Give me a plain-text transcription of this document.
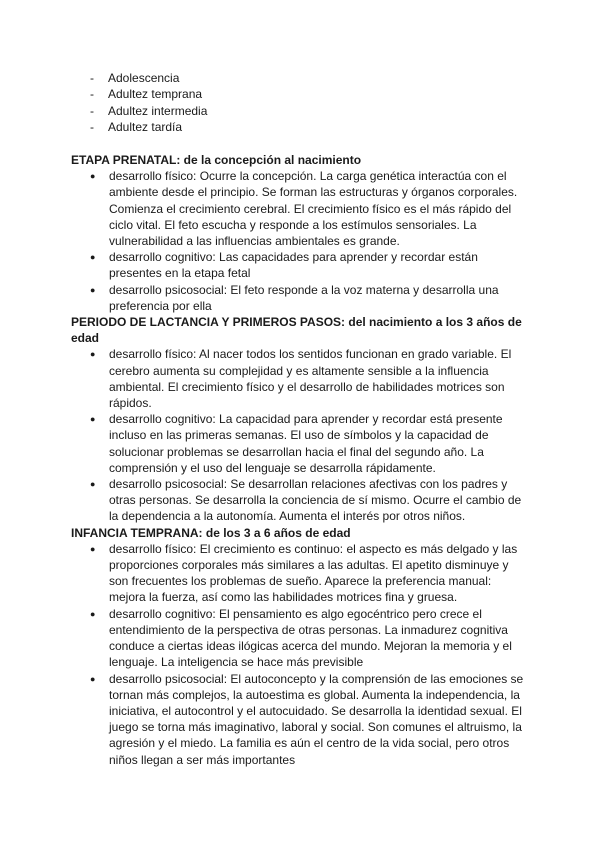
- Adolescencia
- Adultez temprana
- Adultez intermedia
- Adultez tardía
ETAPA PRENATAL: de la concepción al nacimiento
● desarrollo físico: Ocurre la concepción. La carga genética interactúa con el ambiente desde el principio. Se forman las estructuras y órganos corporales. Comienza el crecimiento cerebral. El crecimiento físico es el más rápido del ciclo vital. El feto escucha y responde a los estímulos sensoriales. La vulnerabilidad a las influencias ambientales es grande.
● desarrollo cognitivo: Las capacidades para aprender y recordar están presentes en la etapa fetal
● desarrollo psicosocial: El feto responde a la voz materna y desarrolla una preferencia por ella
PERIODO DE LACTANCIA Y PRIMEROS PASOS: del nacimiento a los 3 años de edad
● desarrollo físico: Al nacer todos los sentidos funcionan en grado variable. El cerebro aumenta su complejidad y es altamente sensible a la influencia ambiental. El crecimiento físico y el desarrollo de habilidades motrices son rápidos.
● desarrollo cognitivo: La capacidad para aprender y recordar está presente incluso en las primeras semanas. El uso de símbolos y la capacidad de solucionar problemas se desarrollan hacia el final del segundo año. La comprensión y el uso del lenguaje se desarrolla rápidamente.
● desarrollo psicosocial: Se desarrollan relaciones afectivas con los padres y otras personas. Se desarrolla la conciencia de sí mismo. Ocurre el cambio de la dependencia a la autonomía. Aumenta el interés por otros niños.
INFANCIA TEMPRANA: de los 3 a 6 años de edad
● desarrollo físico: El crecimiento es continuo: el aspecto es más delgado y las proporciones corporales más similares a las adultas. El apetito disminuye y son frecuentes los problemas de sueño. Aparece la preferencia manual: mejora la fuerza, así como las habilidades motrices fina y gruesa.
● desarrollo cognitivo: El pensamiento es algo egocéntrico pero crece el entendimiento de la perspectiva de otras personas. La inmadurez cognitiva conduce a ciertas ideas ilógicas acerca del mundo. Mejoran la memoria y el lenguaje. La inteligencia se hace más previsible
● desarrollo psicosocial: El autoconcepto y la comprensión de las emociones se tornan más complejos, la autoestima es global. Aumenta la independencia, la iniciativa, el autocontrol y el autocuidado. Se desarrolla la identidad sexual. El juego se torna más imaginativo, laboral y social. Son comunes el altruismo, la agresión y el miedo. La familia es aún el centro de la vida social, pero otros niños llegan a ser más importantes
